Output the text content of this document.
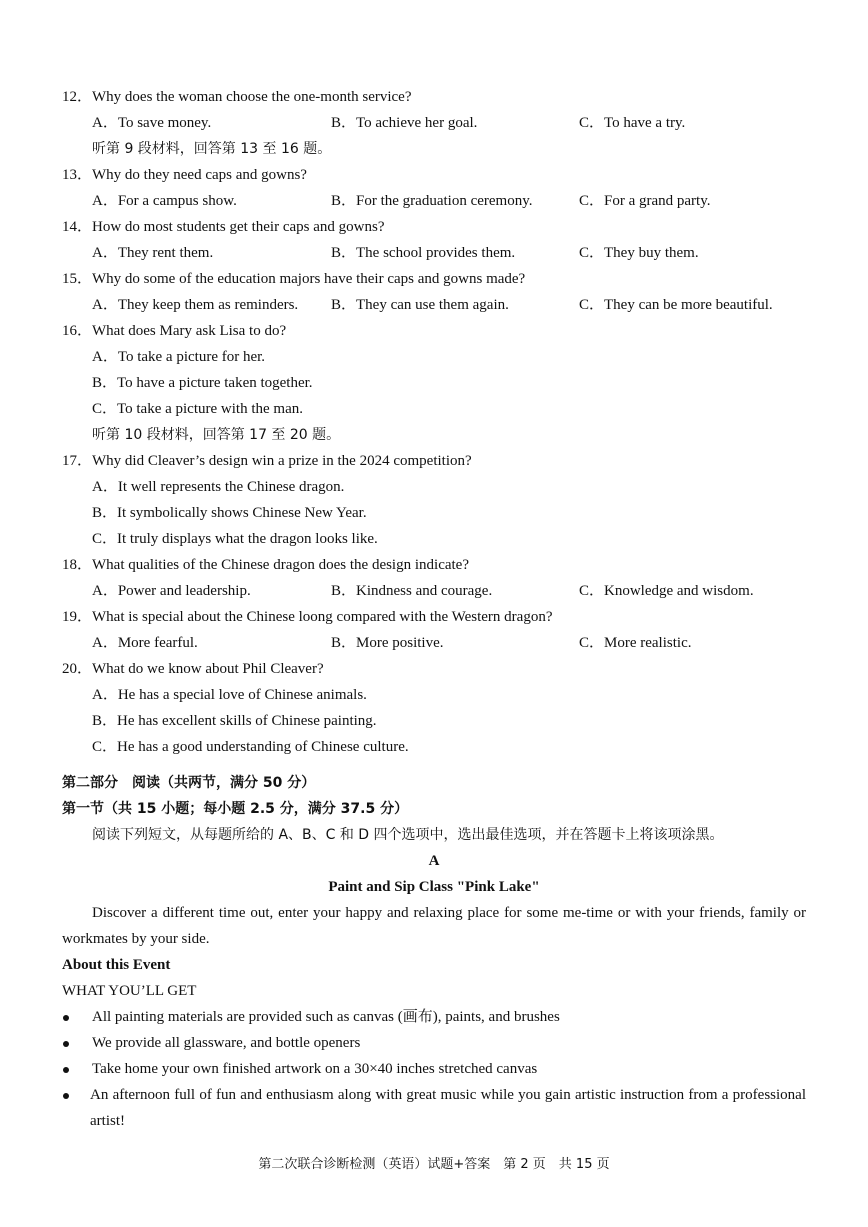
12．Why does the woman choose the one-month service?
A．To save money.	B．To achieve her goal.	C．To have a try.
听第 9 段材料，回答第 13 至 16 题。
13．Why do they need caps and gowns?
A．For a campus show.	B．For the graduation ceremony.	C．For a grand party.
14．How do most students get their caps and gowns?
A．They rent them.	B．The school provides them.	C．They buy them.
15．Why do some of the education majors have their caps and gowns made?
A．They keep them as reminders. B．They can use them again.	C．They can be more beautiful.
16．What does Mary ask Lisa to do?
A．To take a picture for her.
B．To have a picture taken together.
C．To take a picture with the man.
听第 10 段材料，回答第 17 至 20 题。
17．Why did Cleaver’s design win a prize in the 2024 competition?
A．It well represents the Chinese dragon.
B．It symbolically shows Chinese New Year.
C．It truly displays what the dragon looks like.
18．What qualities of the Chinese dragon does the design indicate?
A．Power and leadership.	B．Kindness and courage.	C．Knowledge and wisdom.
19．What is special about the Chinese loong compared with the Western dragon?
A．More fearful.	B．More positive.	C．More realistic.
20．What do we know about Phil Cleaver?
A．He has a special love of Chinese animals.
B．He has excellent skills of Chinese painting.
C．He has a good understanding of Chinese culture.
第二部分　阅读（共两节，满分 50 分）
第一节（共 15 小题；每小题 2.5 分，满分 37.5 分）
阅读下列短文，从每题所给的 A、B、C 和 D 四个选项中，选出最佳选项，并在答题卡上将该项涂黑。
A
Paint and Sip Class "Pink Lake"
Discover a different time out, enter your happy and relaxing place for some me-time or with your friends, family or workmates by your side.
About this Event
WHAT YOU’LL GET
All painting materials are provided such as canvas (画布), paints, and brushes
We provide all glassware, and bottle openers
Take home your own finished artwork on a 30×40 inches stretched canvas
An afternoon full of fun and enthusiasm along with great music while you gain artistic instruction from a professional artist!
第二次联合诊断检测（英语）试题+答案　第 2 页　共 15 页
